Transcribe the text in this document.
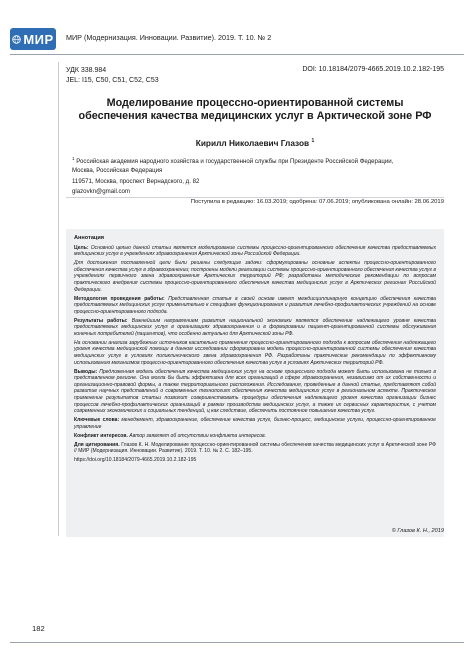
МИР МИР (Модернизация. Инновации. Развитие). 2019. Т. 10. № 2
УДК 338.984
JEL: I15, C50, C51, C52, C53
DOI: 10.18184/2079-4665.2019.10.2.182-195
Моделирование процессно-ориентированной системы
обеспечения качества медицинских услуг в Арктической зоне РФ
Кирилл Николаевич Глазов $^1$
$^1$ Российская академия народного хозяйства и государственной службы при Президенте Российской Федерации,
Москва, Российская Федерация
119571, Москва, проспект Вернадского, д. 82
glazovkn@gmail.com
Поступила в редакцию: 16.03.2019; одобрена: 07.06.2019; опубликована онлайн: 28.06.2019

Аннотация

Цель: Основной целью данной статьи является моделирование системы процессно-ориентированного обеспечения качества предоставляемых медицинских услуг в учреждениях здравоохранения Арктической зоны Российской Федерации.

Для достижения поставленной цели были решены следующие задачи: сформулированы основные аспекты процессно-ориентированного обеспечения качества услуг в здравоохранении; построены модели реализации системы процессно-ориентированного обеспечения качества услуг в учреждениях первичного звена здравоохранения Арктических территорий РФ; разработаны методические рекомендации по вопросам практического внедрения системы процессно-ориентированного обеспечения качества медицинских услуг в Арктических регионах Российской Федерации.

Методология проведения работы: Представленная статья в своей основе имеет междисциплинарную концепцию обеспечения качества предоставляемых медицинских услуг применительно к специфике функционирования и развития лечебно-профилактических учреждений на основе процессно-ориентированного подхода.

Результаты работы: Важнейшим направлением развития национальной экономики является обеспечение надлежащего уровня качества предоставляемых медицинских услуг в организациях здравоохранения и в формировании пациент-ориентированной системы обслуживания конечных потребителей (пациентов), что особенно актуально для Арктической зоны РФ.

На основании анализа зарубежных источников касательно применения процессно-ориентированного подхода к вопросам обеспечения надлежащего уровня качества медицинской помощи в данном исследовании сформирована модель процессно-ориентированной системы обеспечения качества медицинских услуг в условиях поликлинического звена здравоохранения РФ. Разработаны практические рекомендации по эффективному использованию механизмов процессно-ориентированного обеспечения качества услуг в условиях Арктических территорий РФ.

Выводы: Предложенная модель обеспечения качества медицинских услуг на основе процессного подхода может быть использована не только в представленном регионе. Она могла бы быть эффективна для всех организаций в сфере здравоохранения, независимо от их собственности и организационно-правовой формы, а также территориального расположения. Исследования, проведенные в данной статье, представляют собой развитие научных представлений о современных технологиях обеспечения качества медицинских услуг в региональном аспекте. Практическое применение результатов статьи позволит совершенствовать процедуры обеспечения надлежащего уровня качества организации бизнес процессов лечебно-профилактических организаций в рамках производства медицинских услуг, а также их сервисных характеристик, с учетом современных экономических и социальных тенденций, ц как следствие, обеспечить постоянное повышение качества услуг.

Ключевые слова: менеджмент, здравоохранение, обеспечение качества услуг, бизнес-процесс, медицинские услуги, процессно-ориентированное управление

Конфликт интересов. Автор заявляет об отсутствии конфликта интересов.

Для цитирования. Глазов К. Н. Моделирование процессно-ориентированной системы обеспечения качества медицинских услуг в Арктической зоне РФ // МИР (Модернизация. Инновации. Развитие). 2019. Т. 10. № 2. С. 182–195.

https://doi.org/10.18184/2079-4665.2019.10.2.182-195

© Глазов К. Н., 2019
182
